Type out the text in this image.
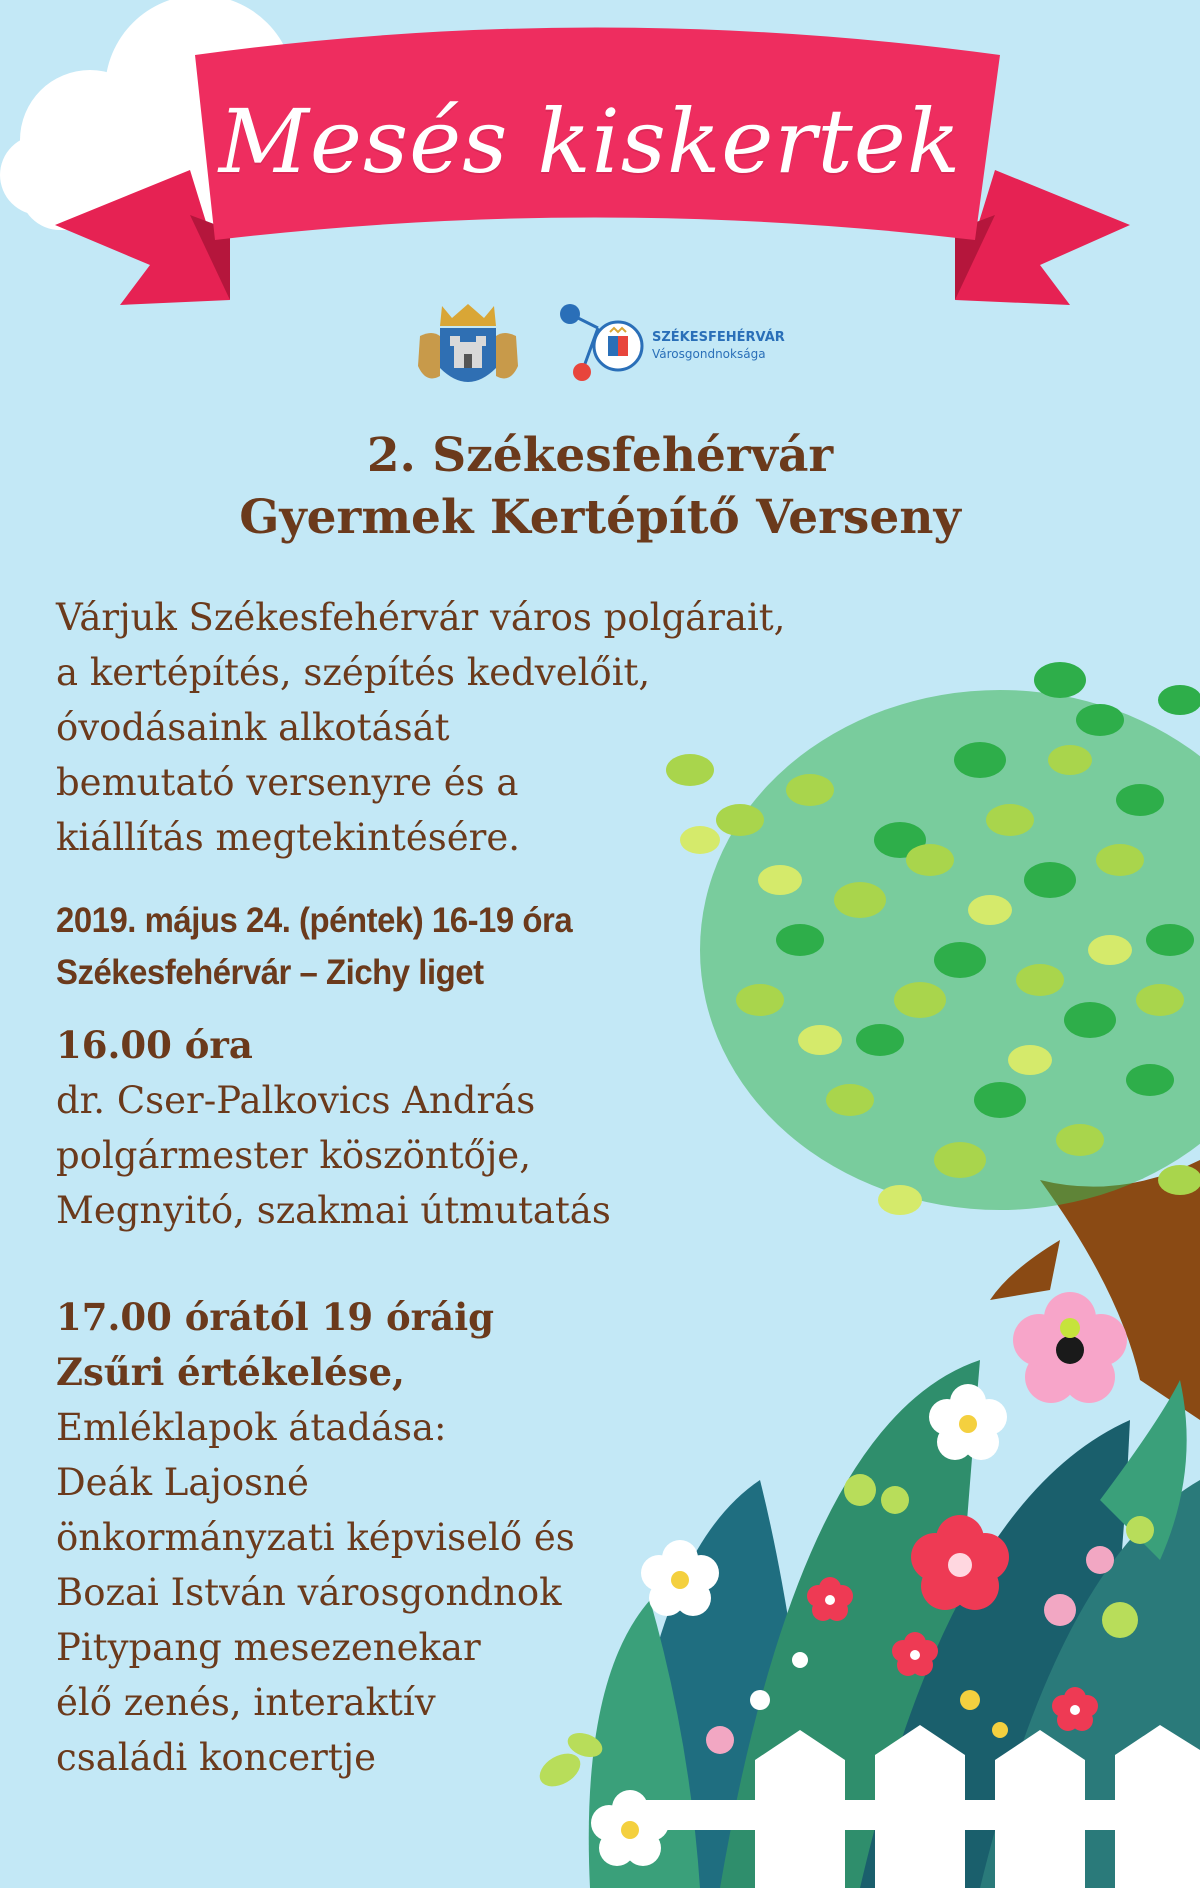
Mesés kiskertek
SZÉKESFEHÉRVÁR
Városgondnoksága
2. Székesfehérvár
Gyermek Kertépítő Verseny
Várjuk Székesfehérvár város polgárait,
a kertépítés, szépítés kedvelőit,
óvodásaink alkotását
bemutató versenyre és a
kiállítás megtekintésére.
2019. május 24. (péntek) 16-19 óra
Székesfehérvár – Zichy liget
16.00 óra
dr. Cser-Palkovics András
polgármester köszöntője,
Megnyitó, szakmai útmutatás
17.00 órától 19 óráig
Zsűri értékelése,
Emléklapok átadása:
Deák Lajosné
önkormányzati képviselő és
Bozai István városgondnok
Pitypang mesezenekar
élő zenés, interaktív
családi koncertje
